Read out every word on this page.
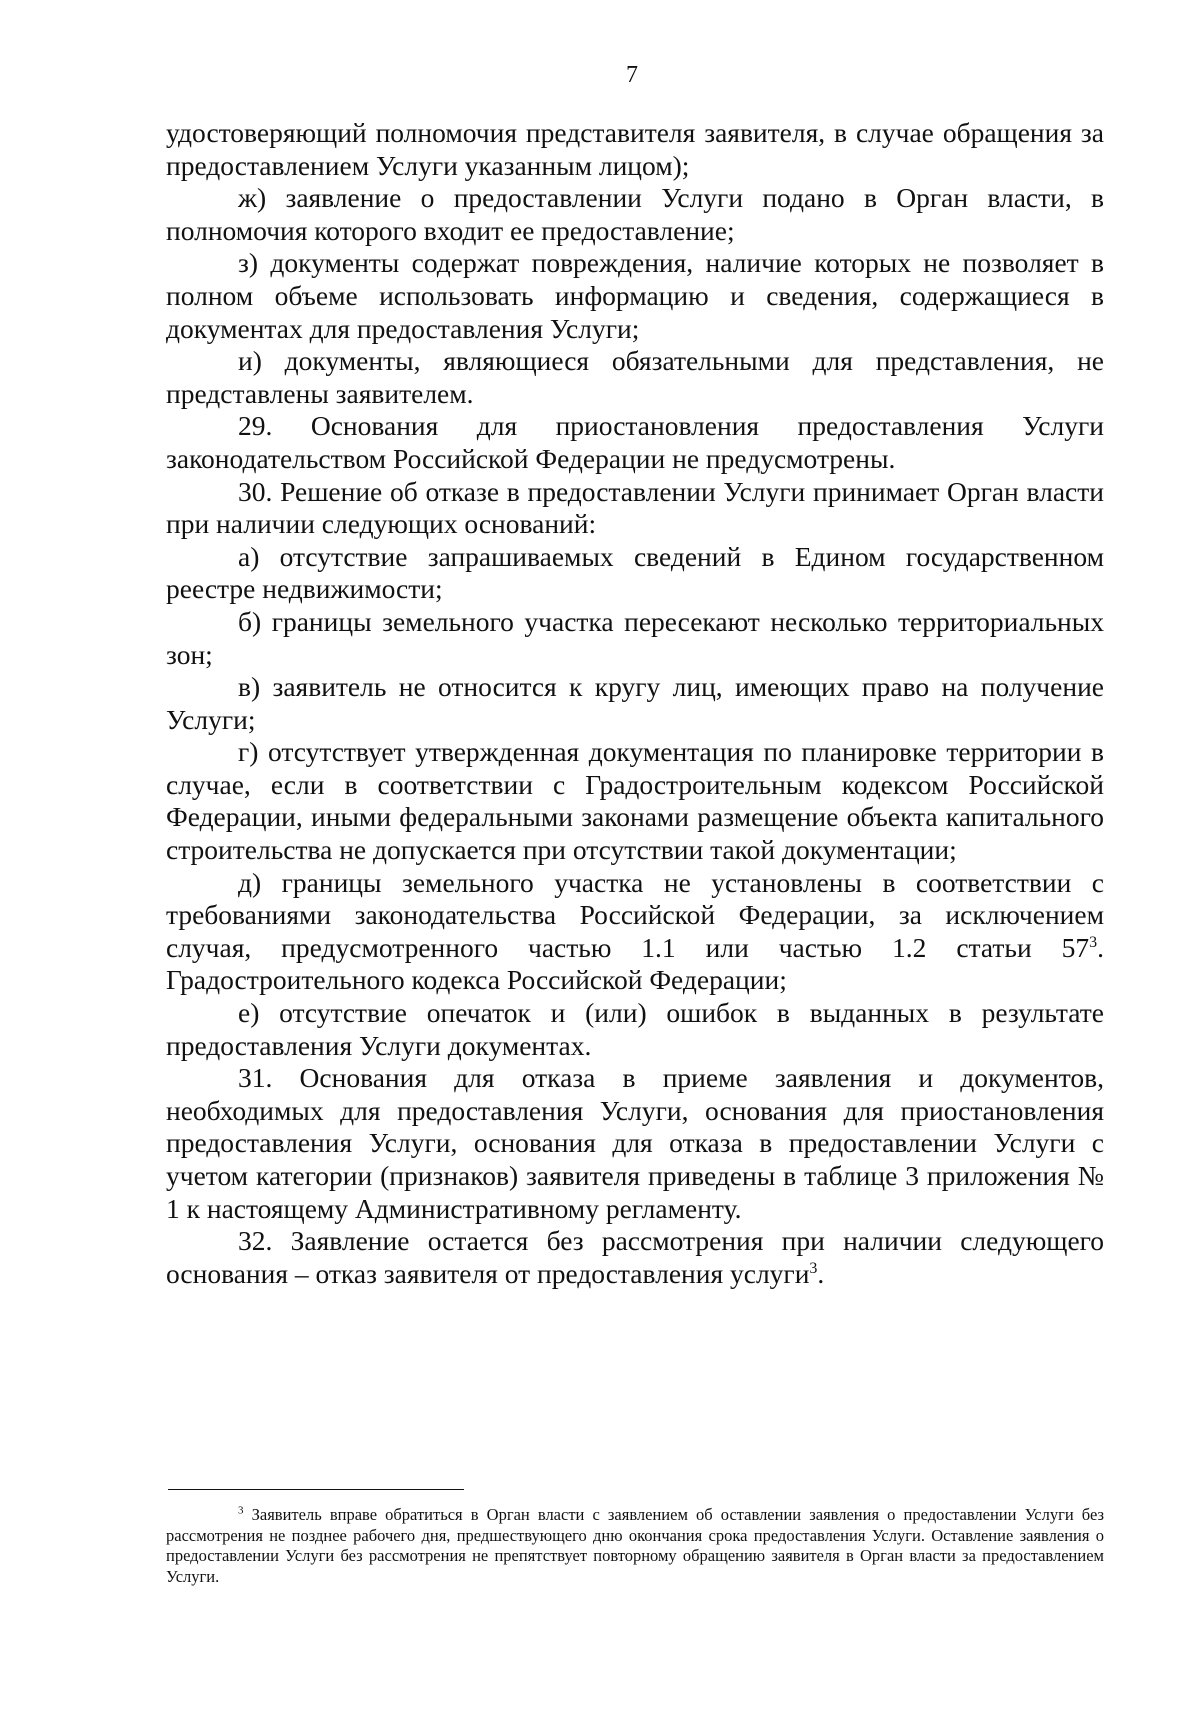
7

удостоверяющий полномочия представителя заявителя, в случае обращения за предоставлением Услуги указанным лицом);

ж) заявление о предоставлении Услуги подано в Орган власти, в полномочия которого входит ее предоставление;

з) документы содержат повреждения, наличие которых не позволяет в полном объеме использовать информацию и сведения, содержащиеся в документах для предоставления Услуги;

и) документы, являющиеся обязательными для представления, не представлены заявителем.

29. Основания для приостановления предоставления Услуги законодательством Российской Федерации не предусмотрены.

30. Решение об отказе в предоставлении Услуги принимает Орган власти при наличии следующих оснований:

а) отсутствие запрашиваемых сведений в Едином государственном реестре недвижимости;

б) границы земельного участка пересекают несколько территориальных зон;

в) заявитель не относится к кругу лиц, имеющих право на получение Услуги;

г) отсутствует утвержденная документация по планировке территории в случае, если в соответствии с Градостроительным кодексом Российской Федерации, иными федеральными законами размещение объекта капитального строительства не допускается при отсутствии такой документации;

д) границы земельного участка не установлены в соответствии с требованиями законодательства Российской Федерации, за исключением случая, предусмотренного частью 1.1 или частью 1.2 статьи $57^3$. Градостроительного кодекса Российской Федерации;

е) отсутствие опечаток и (или) ошибок в выданных в результате предоставления Услуги документах.

31. Основания для отказа в приеме заявления и документов, необходимых для предоставления Услуги, основания для приостановления предоставления Услуги, основания для отказа в предоставлении Услуги с учетом категории (признаков) заявителя приведены в таблице 3 приложения № 1 к настоящему Административному регламенту.

32. Заявление остается без рассмотрения при наличии следующего основания – отказ заявителя от предоставления услуги$^3$.

$^3$ Заявитель вправе обратиться в Орган власти с заявлением об оставлении заявления о предоставлении Услуги без рассмотрения не позднее рабочего дня, предшествующего дню окончания срока предоставления Услуги. Оставление заявления о предоставлении Услуги без рассмотрения не препятствует повторному обращению заявителя в Орган власти за предоставлением Услуги.
